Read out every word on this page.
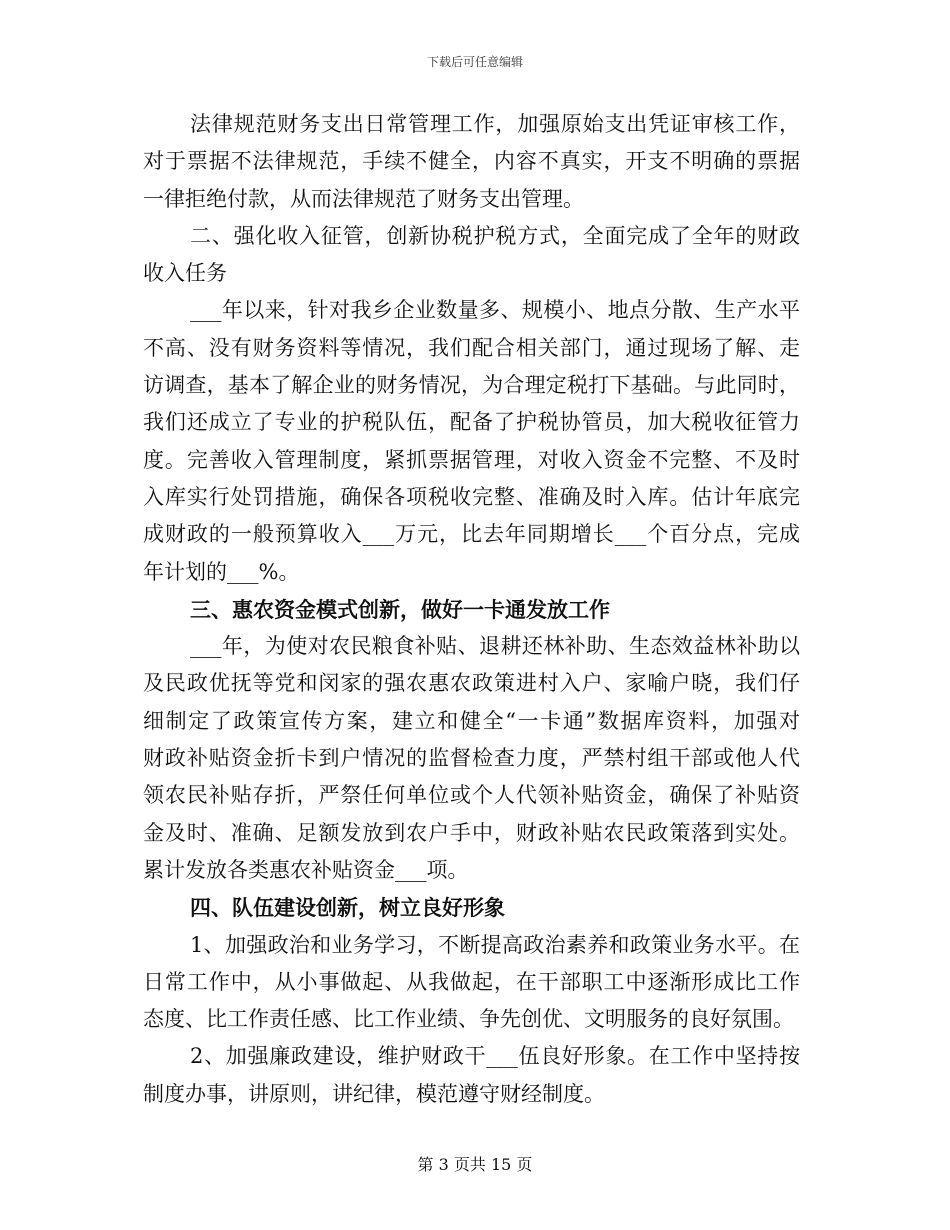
下载后可任意编辑
法律规范财务支出日常管理工作，加强原始支出凭证审核工作，
对于票据不法律规范，手续不健全，内容不真实，开支不明确的票据
一律拒绝付款，从而法律规范了财务支出管理。
二、强化收入征管，创新协税护税方式，全面完成了全年的财政
收入任务
___年以来，针对我乡企业数量多、规模小、地点分散、生产水平
不高、没有财务资料等情况，我们配合相关部门，通过现场了解、走
访调查，基本了解企业的财务情况，为合理定税打下基础。与此同时，
我们还成立了专业的护税队伍，配备了护税协管员，加大税收征管力
度。完善收入管理制度，紧抓票据管理，对收入资金不完整、不及时
入库实行处罚措施，确保各项税收完整、准确及时入库。估计年底完
成财政的一般预算收入___万元，比去年同期增长___个百分点，完成
年计划的___%。
三、惠农资金模式创新，做好一卡通发放工作
___年，为使对农民粮食补贴、退耕还林补助、生态效益林补助以
及民政优抚等党和闵家的强农惠农政策进村入户、家喻户晓，我们仔
细制定了政策宣传方案，建立和健全“一卡通”数据库资料，加强对
财政补贴资金折卡到户情况的监督检查力度，严禁村组干部或他人代
领农民补贴存折，严祭任何单位或个人代领补贴资金，确保了补贴资
金及时、准确、足额发放到农户手中，财政补贴农民政策落到实处。
累计发放各类惠农补贴资金___项。
四、队伍建设创新，树立良好形象
1、加强政治和业务学习，不断提高政治素养和政策业务水平。在
日常工作中，从小事做起、从我做起，在干部职工中逐渐形成比工作
态度、比工作责任感、比工作业绩、争先创优、文明服务的良好氛围。
2、加强廉政建设，维护财政干___伍良好形象。在工作中坚持按
制度办事，讲原则，讲纪律，模范遵守财经制度。
第 3 页共 15 页
